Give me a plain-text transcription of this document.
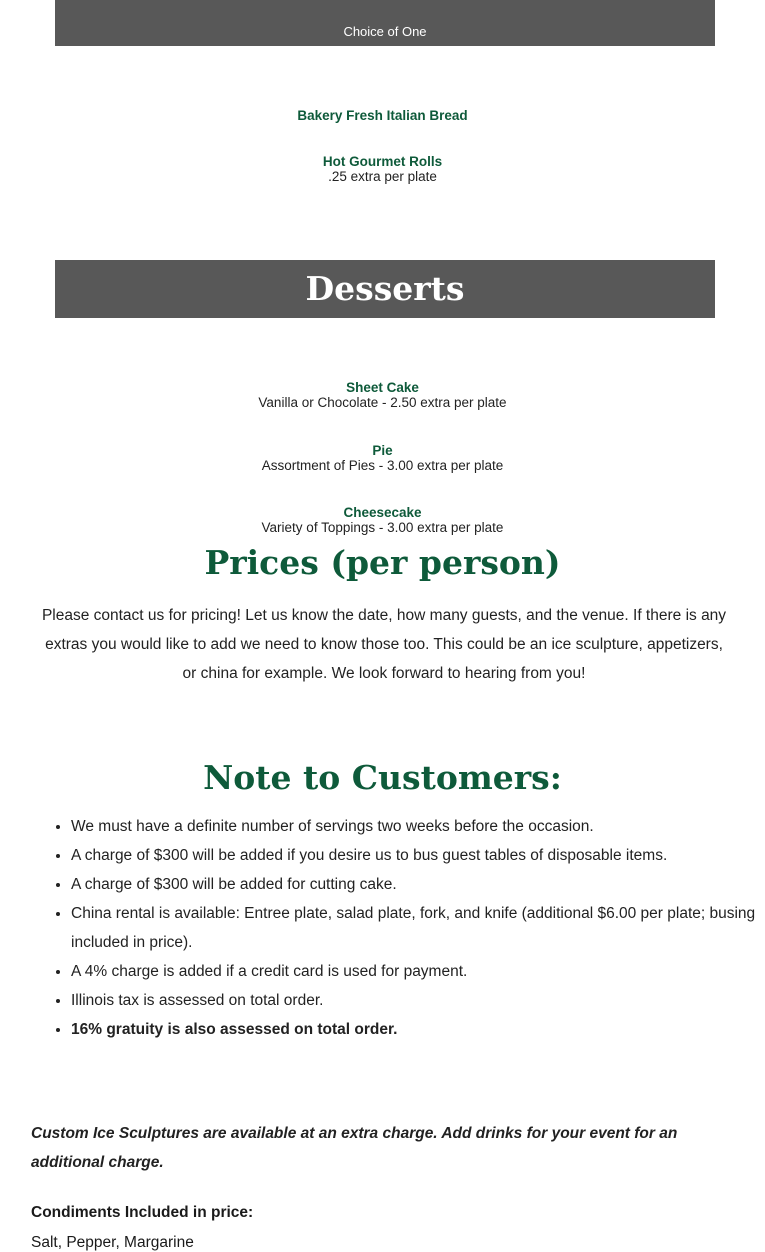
Choice of One
Bakery Fresh Italian Bread
Hot Gourmet Rolls
.25 extra per plate
Desserts
Sheet Cake
Vanilla or Chocolate - 2.50 extra per plate
Pie
Assortment of Pies - 3.00 extra per plate
Cheesecake
Variety of Toppings - 3.00 extra per plate
Prices (per person)
Please contact us for pricing! Let us know the date, how many guests, and the venue. If there is any extras you would like to add we need to know those too. This could be an ice sculpture, appetizers, or china for example. We look forward to hearing from you!
Note to Customers:
• We must have a definite number of servings two weeks before the occasion.
• A charge of $300 will be added if you desire us to bus guest tables of disposable items.
• A charge of $300 will be added for cutting cake.
• China rental is available: Entree plate, salad plate, fork, and knife (additional $6.00 per plate; busing included in price).
• A 4% charge is added if a credit card is used for payment.
• Illinois tax is assessed on total order.
• 16% gratuity is also assessed on total order.
Custom Ice Sculptures are available at an extra charge. Add drinks for your event for an additional charge.
Condiments Included in price:
Salt, Pepper, Margarine
